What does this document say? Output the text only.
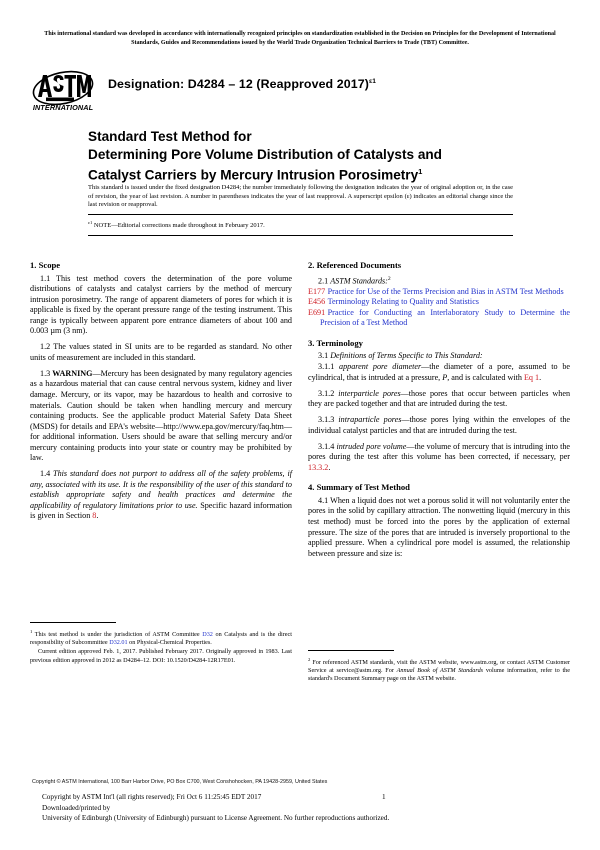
This international standard was developed in accordance with internationally recognized principles on standardization established in the Decision on Principles for the Development of International Standards, Guides and Recommendations issued by the World Trade Organization Technical Barriers to Trade (TBT) Committee.
INTERNATIONAL
Designation: D4284 – 12 (Reapproved 2017)$^{\varepsilon 1}$
Standard Test Method for
Determining Pore Volume Distribution of Catalysts and
Catalyst Carriers by Mercury Intrusion Porosimetry$^1$
This standard is issued under the fixed designation D4284; the number immediately following the designation indicates the year of original adoption or, in the case of revision, the year of last revision. A number in parentheses indicates the year of last reapproval. A superscript epsilon (ε) indicates an editorial change since the last revision or reapproval.
$^{\varepsilon 1}$ NOTE—Editorial corrections made throughout in February 2017.
1. Scope

1.1 This test method covers the determination of the pore volume distributions of catalysts and catalyst carriers by the method of mercury intrusion porosimetry. The range of apparent diameters of pores for which it is applicable is fixed by the operant pressure range of the testing instrument. This range is typically between apparent pore entrance diameters of about 100 and 0.003 µm (3 nm).

1.2 The values stated in SI units are to be regarded as standard. No other units of measurement are included in this standard.

1.3 WARNING—Mercury has been designated by many regulatory agencies as a hazardous material that can cause central nervous system, kidney and liver damage. Mercury, or its vapor, may be hazardous to health and corrosive to materials. Caution should be taken when handling mercury and mercury containing products. See the applicable product Material Safety Data Sheet (MSDS) for details and EPA's website—http://www.epa.gov/mercury/faq.htm—for additional information. Users should be aware that selling mercury and/or mercury containing products into your state or country may be prohibited by law.

1.4 This standard does not purport to address all of the safety problems, if any, associated with its use. It is the responsibility of the user of this standard to establish appropriate safety and health practices and determine the applicability of regulatory limitations prior to use. Specific hazard information is given in Section 8.

2. Referenced Documents

2.1 ASTM Standards:$^2$

E177 Practice for Use of the Terms Precision and Bias in ASTM Test Methods

E456 Terminology Relating to Quality and Statistics

E691 Practice for Conducting an Interlaboratory Study to Determine the Precision of a Test Method

3. Terminology

3.1 Definitions of Terms Specific to This Standard:

3.1.1 apparent pore diameter—the diameter of a pore, assumed to be cylindrical, that is intruded at a pressure, P, and is calculated with Eq 1.

3.1.2 interparticle pores—those pores that occur between particles when they are packed together and that are intruded during the test.

3.1.3 intraparticle pores—those pores lying within the envelopes of the individual catalyst particles and that are intruded during the test.

3.1.4 intruded pore volume—the volume of mercury that is intruding into the pores during the test after this volume has been corrected, if necessary, per 13.3.2.

4. Summary of Test Method

4.1 When a liquid does not wet a porous solid it will not voluntarily enter the pores in the solid by capillary attraction. The nonwetting liquid (mercury in this test method) must be forced into the pores by the application of external pressure. The size of the pores that are intruded is inversely proportional to the applied pressure. When a cylindrical pore model is assumed, the relationship between pressure and size is:

$^1$ This test method is under the jurisdiction of ASTM Committee D32 on Catalysts and is the direct responsibility of Subcommittee D32.01 on Physical-Chemical Properties.

Current edition approved Feb. 1, 2017. Published February 2017. Originally approved in 1983. Last previous edition approved in 2012 as D4284–12. DOI: 10.1520/D4284-12R17E01.	$^2$ For referenced ASTM standards, visit the ASTM website, www.astm.org, or contact ASTM Customer Service at service@astm.org. For Annual Book of ASTM Standards volume information, refer to the standard's Document Summary page on the ASTM website.

Copyright © ASTM International, 100 Barr Harbor Drive, PO Box C700, West Conshohocken, PA 19428-2959, United States
Copyright by ASTM Int'l (all rights reserved); Fri Oct 6 11:25:45 EDT 2017	1
Downloaded/printed by
University of Edinburgh (University of Edinburgh) pursuant to License Agreement. No further reproductions authorized.
